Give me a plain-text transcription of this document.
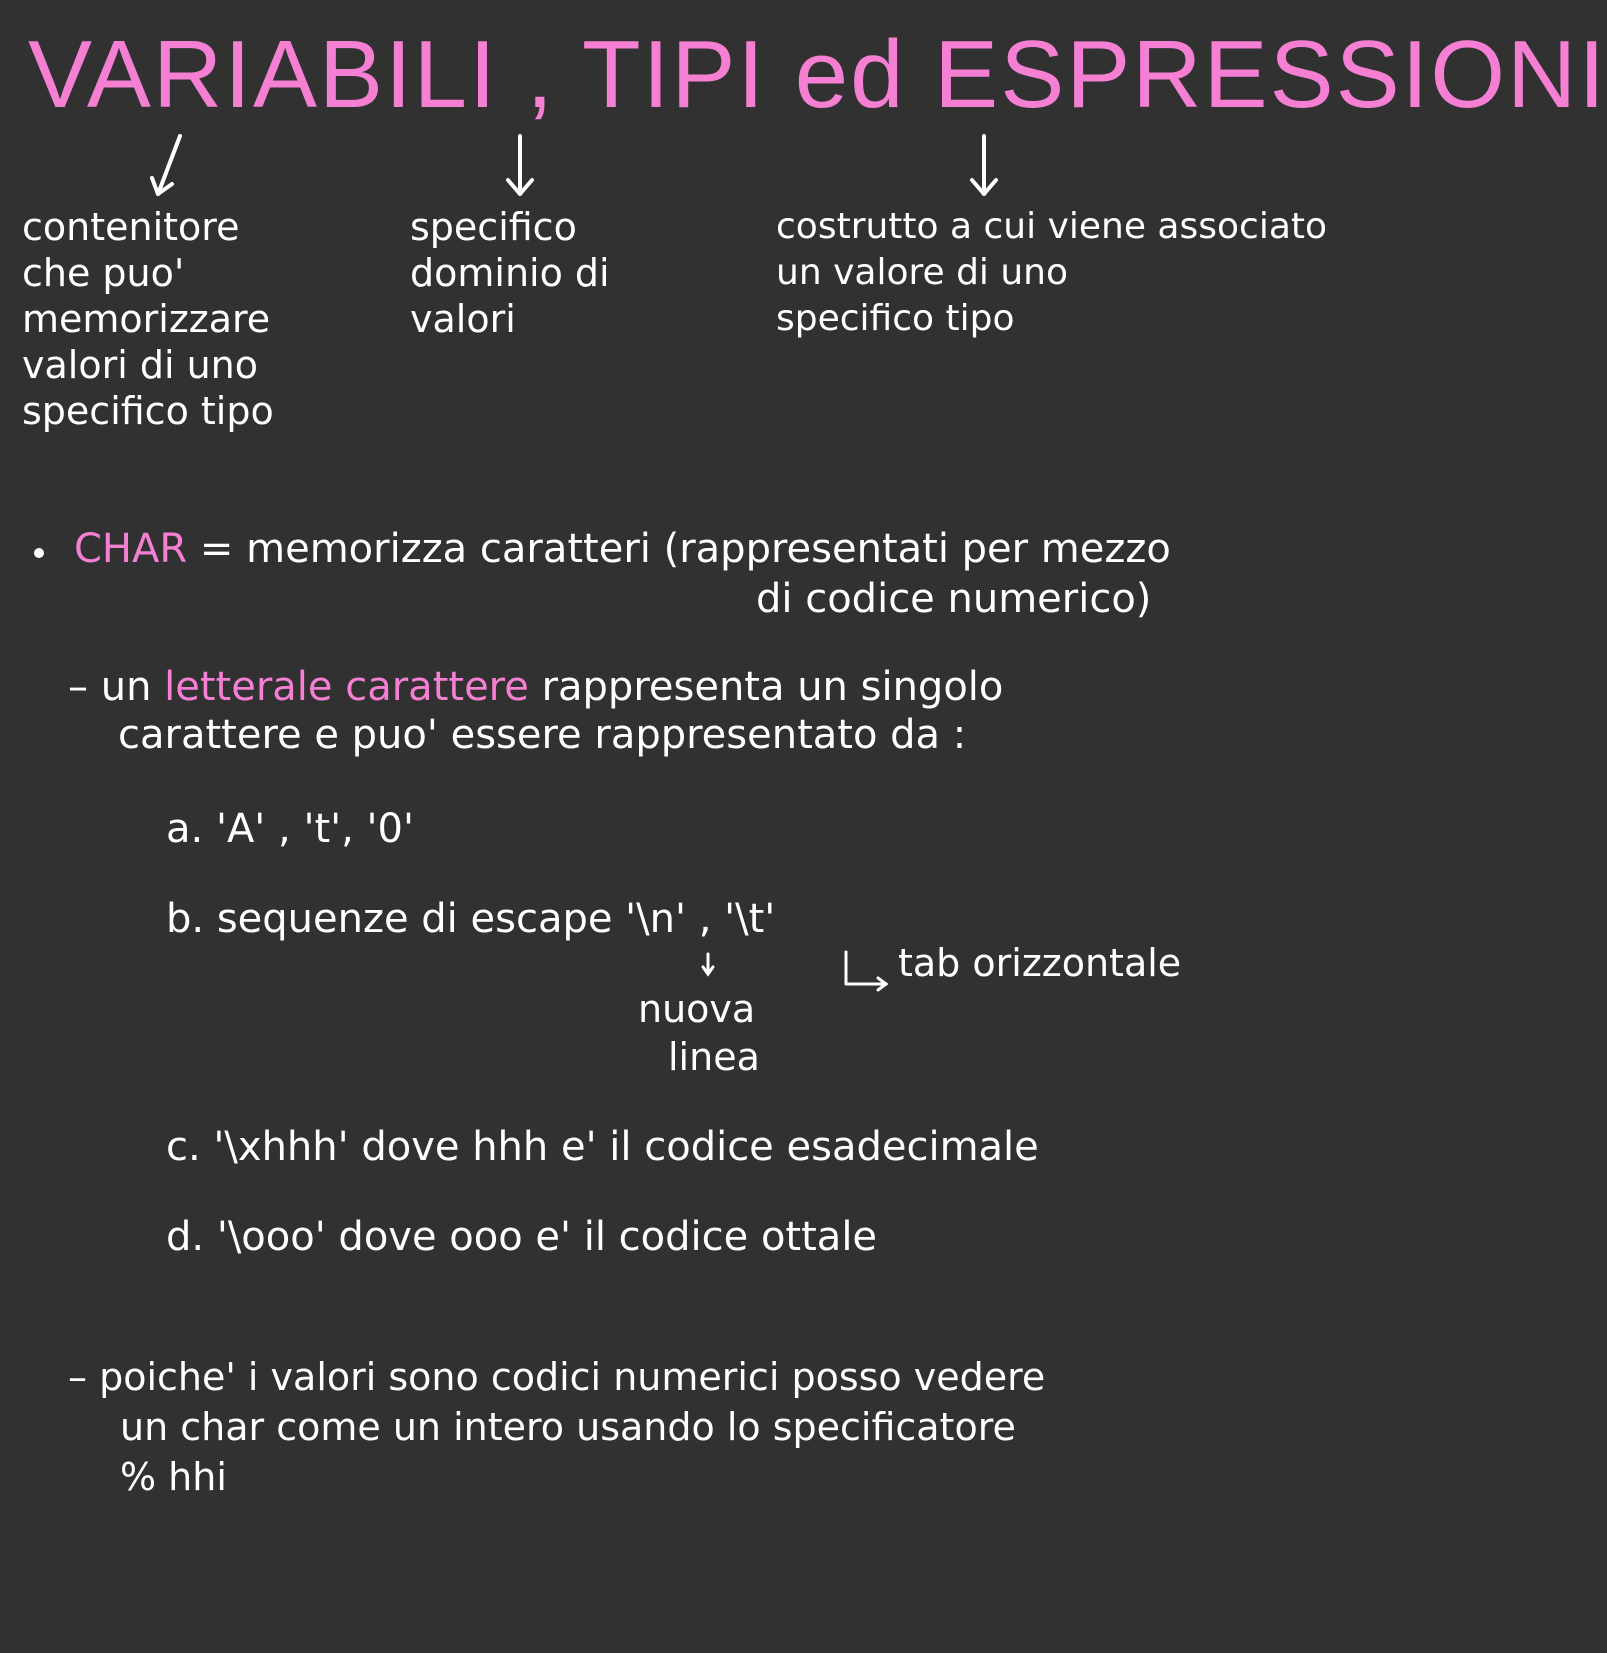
VARIABILI , TIPI ed ESPRESSIONI
contenitore
che puo'
memorizzare
valori di uno
specifico tipo
specifico
dominio di
valori
costrutto a cui viene associato
un valore di uno
specifico tipo
CHAR = memorizza caratteri (rappresentati per mezzo
di codice numerico)
– un letterale carattere rappresenta un singolo
carattere e puo' essere rappresentato da :
a. 'A' , 't', '0'
b. sequenze di escape '\n' , '\t'
nuova
linea
tab orizzontale
c. '\xhhh' dove hhh e' il codice esadecimale
d. '\ooo' dove ooo e' il codice ottale
– poiche' i valori sono codici numerici posso vedere
un char come un intero usando lo specificatore
% hhi
